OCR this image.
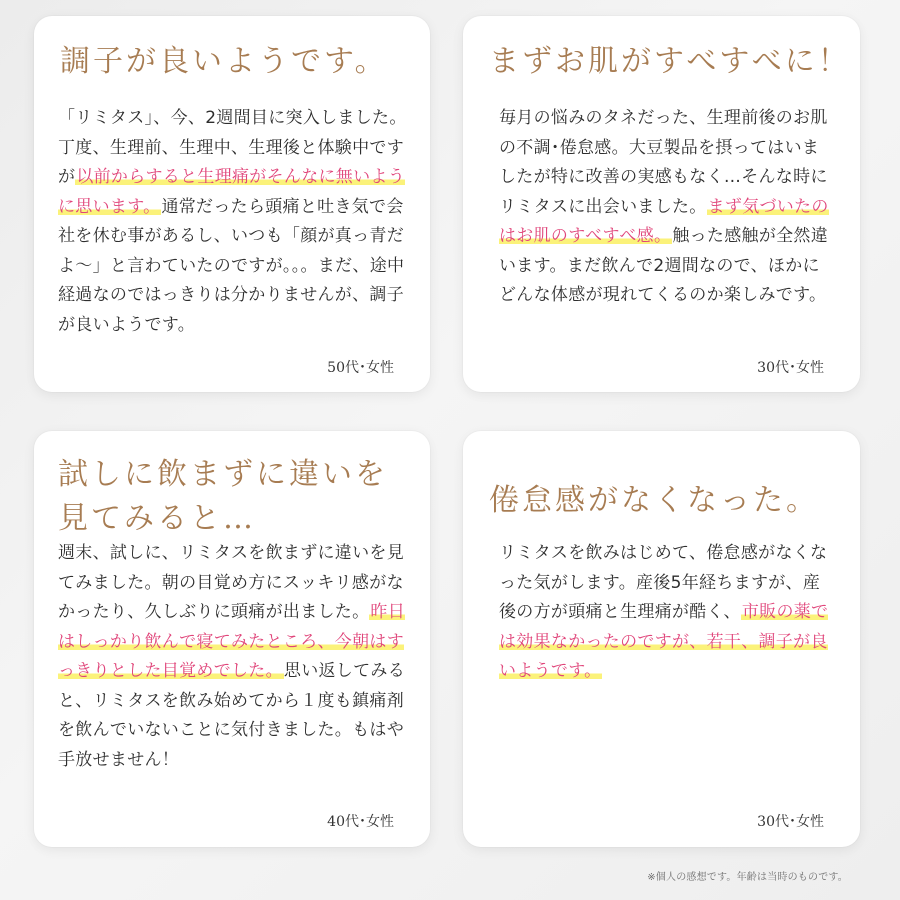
調子が良いようです。
「リミタス」、今、2週間目に突入しました。丁度、生理前、生理中、生理後と体験中ですが以前からすると生理痛がそんなに無いように思います。通常だったら頭痛と吐き気で会社を休む事があるし、いつも「顔が真っ青だよ～」と言わていたのですが。。。まだ、途中経過なのではっきりは分かりませんが、調子が良いようです。
50代･女性
まずお肌がすべすべに！
毎月の悩みのタネだった、生理前後のお肌の不調･倦怠感。大豆製品を摂ってはいましたが特に改善の実感もなく…そんな時にリミタスに出会いました。まず気づいたのはお肌のすべすべ感。触った感触が全然違います。まだ飲んで2週間なので、ほかにどんな体感が現れてくるのか楽しみです。
30代･女性
試しに飲まずに違いを
見てみると…
週末、試しに、リミタスを飲まずに違いを見てみました。朝の目覚め方にスッキリ感がなかったり、久しぶりに頭痛が出ました。昨日はしっかり飲んで寝てみたところ、今朝はすっきりとした目覚めでした。思い返してみると、リミタスを飲み始めてから１度も鎮痛剤を飲んでいないことに気付きました。もはや手放せません！
40代･女性
倦怠感がなくなった。
リミタスを飲みはじめて、倦怠感がなくなった気がします。産後5年経ちますが、産後の方が頭痛と生理痛が酷く、市販の薬では効果なかったのですが、若干、調子が良いようです。
30代･女性
※個人の感想です。年齢は当時のものです。
